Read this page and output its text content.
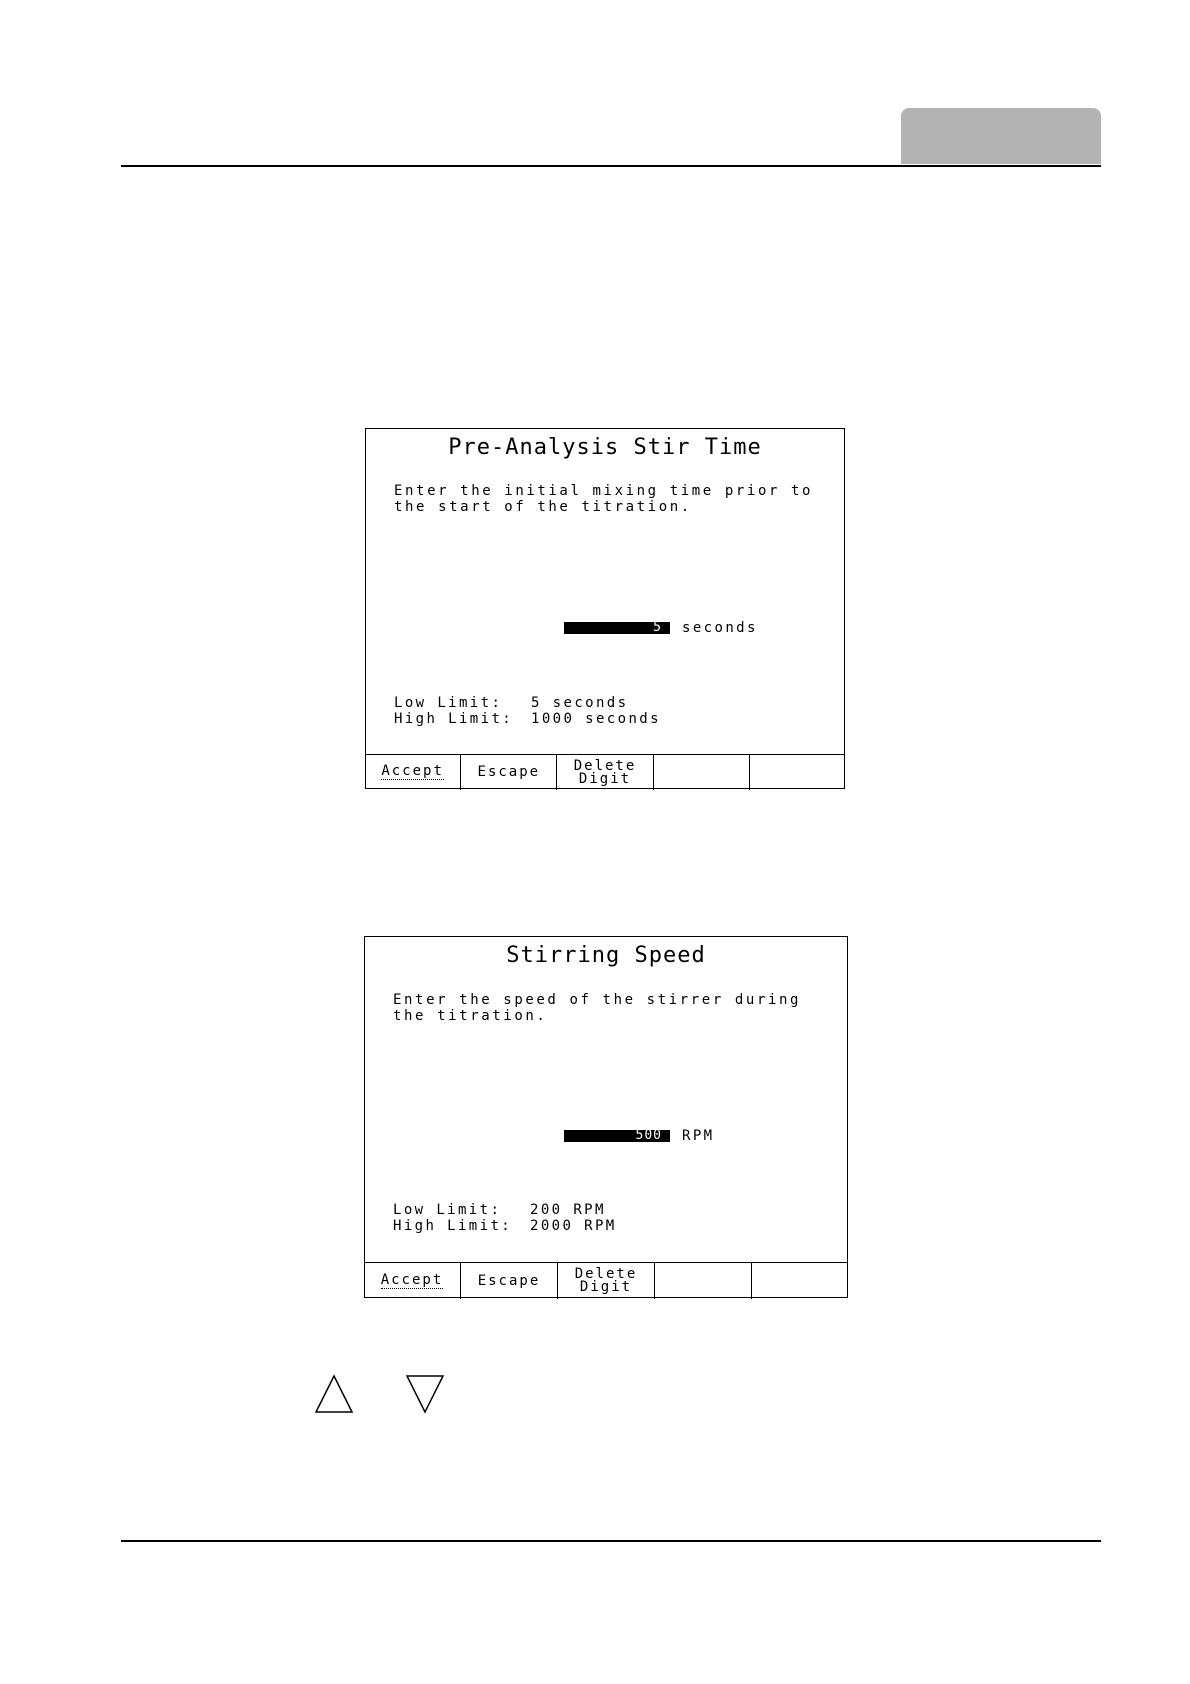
Pre-Analysis Stir Time
Enter the initial mixing time prior to
the start of the titration.
5	seconds
Low Limit:	5 seconds
High Limit:	1000 seconds
Accept	Escape	Delete
Digit
Stirring Speed
Enter the speed of the stirrer during
the titration.
500	RPM
Low Limit:	200 RPM
High Limit:	2000 RPM
Accept	Escape	Delete
Digit
